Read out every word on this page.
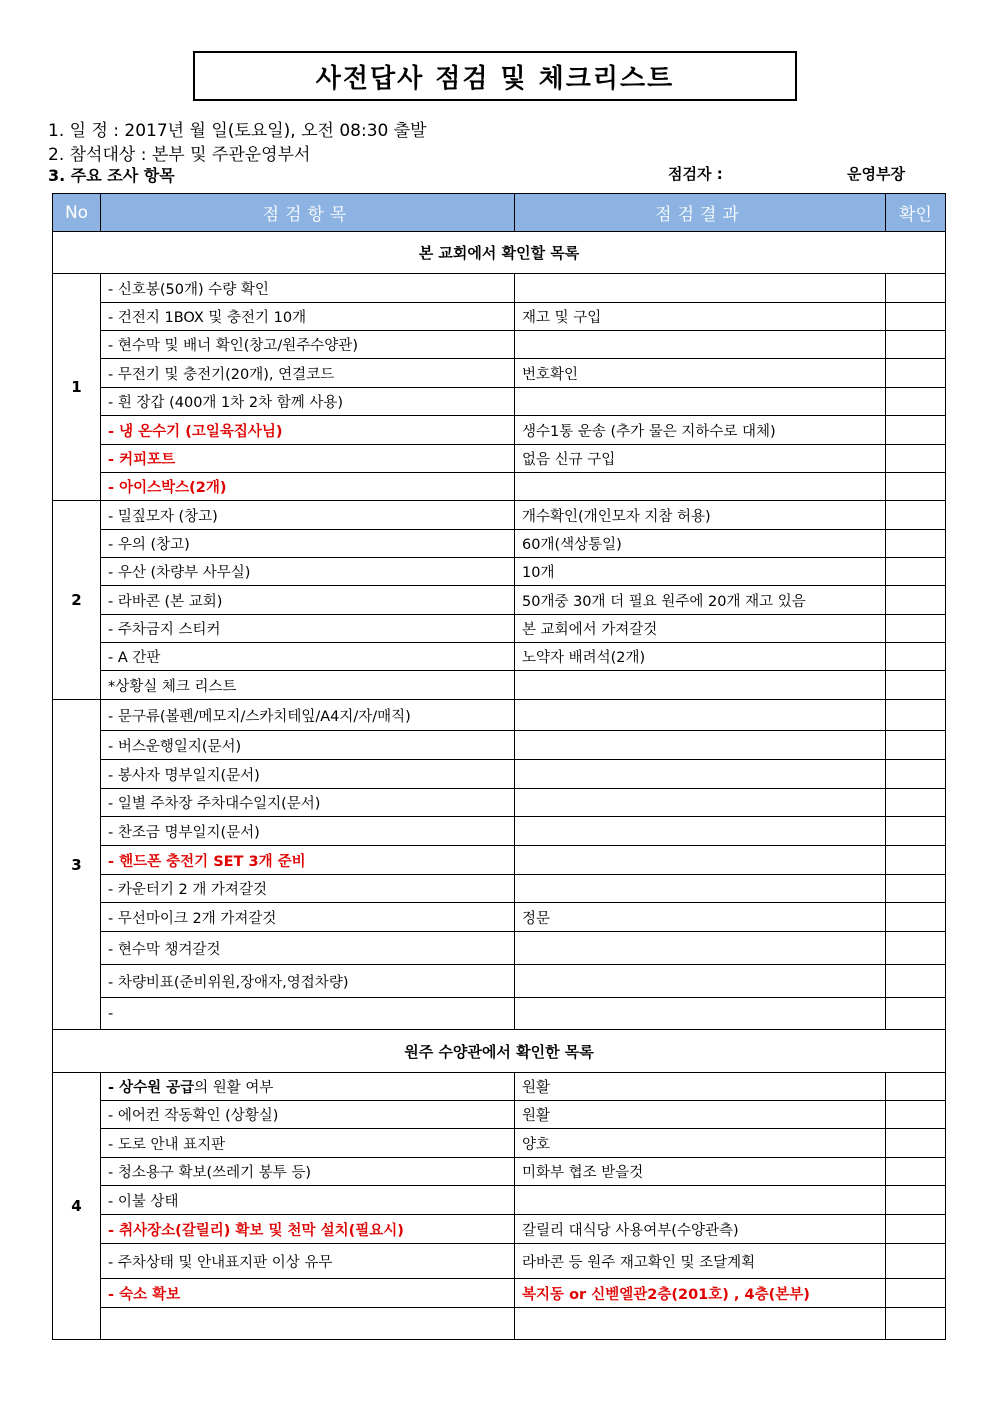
사전답사 점검 및 체크리스트
1. 일 정 : 2017년 월 일(토요일), 오전 08:30 출발
2. 참석대상 : 본부 및 주관운영부서
3. 주요 조사 항목	점검자 :	운영부장
No	점검항목	점검결과	확인
본 교회에서 확인할 목록			
1	- 신호봉(50개) 수량 확인		
	- 건전지 1BOX 및 충전기 10개	재고 및 구입	
	- 현수막 및 배너 확인(창고/원주수양관)		
	- 무전기 및 충전기(20개), 연결코드	번호확인	
	- 흰 장갑 (400개 1차 2차 함께 사용)		
	- 냉 온수기 (고일육집사님)	생수1통 운송 (추가 물은 지하수로 대체)	
	- 커피포트	없음 신규 구입	
	- 아이스박스(2개)		
2	- 밀짚모자 (창고)	개수확인(개인모자 지참 허용)	
	- 우의 (창고)	60개(색상통일)	
	- 우산 (차량부 사무실)	10개	
	- 라바콘 (본 교회)	50개중 30개 더 필요 원주에 20개 재고 있음	
	- 주차금지 스티커	본 교회에서 가져갈것	
	- A 간판	노약자 배려석(2개)	
	*상황실 체크 리스트		
3	- 문구류(볼펜/메모지/스카치테잎/A4지/자/매직)		
	- 버스운행일지(문서)		
	- 봉사자 명부일지(문서)		
	- 일별 주차장 주차대수일지(문서)		
	- 찬조금 명부일지(문서)		
	- 핸드폰 충전기 SET 3개 준비		
	- 카운터기 2 개 가져갈것		
	- 무선마이크 2개 가져갈것	정문	
	- 현수막 챙겨갈것		
	- 차량비표(준비위원,장애자,영접차량)		
	-		
원주 수양관에서 확인한 목록			
4	- 상수원 공급의 원활 여부	원활	
	- 에어컨 작동확인 (상황실)	원활	
	- 도로 안내 표지판	양호	
	- 청소용구 확보(쓰레기 봉투 등)	미화부 협조 받을것	
	- 이불 상태		
	- 취사장소(갈릴리) 확보 및 천막 설치(필요시)	갈릴리 대식당 사용여부(수양관측)	
	- 주차상태 및 안내표지판 이상 유무	라바콘 등 원주 재고확인 및 조달계획	
	- 숙소 확보	복지동 or 신벧엘관2층(201호) , 4층(본부)	
